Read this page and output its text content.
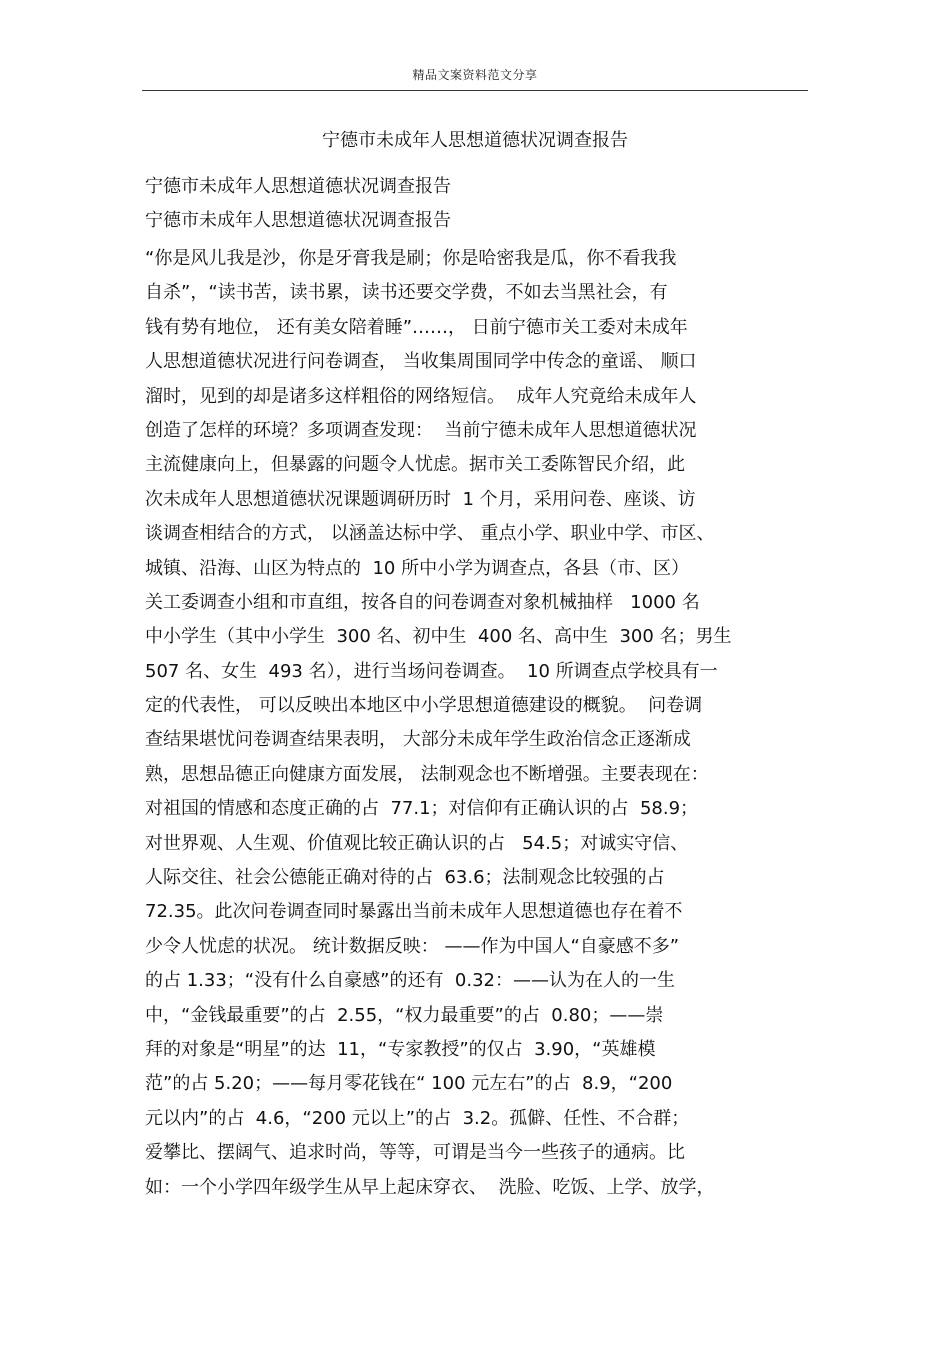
精品文案资料范文分享
宁德市未成年人思想道德状况调查报告

宁德市未成年人思想道德状况调查报告

宁德市未成年人思想道德状况调查报告

“你是风儿我是沙，你是牙膏我是刷；你是哈密我是瓜，你不看我我
自杀”，“读书苦，读书累，读书还要交学费，不如去当黑社会，有
钱有势有地位， 还有美女陪着睡”……， 日前宁德市关工委对未成年
人思想道德状况进行问卷调查， 当收集周围同学中传念的童谣、 顺口
溜时，见到的却是诸多这样粗俗的网络短信。  成年人究竟给未成年人
创造了怎样的环境？多项调查发现：  当前宁德未成年人思想道德状况
主流健康向上，但暴露的问题令人忧虑。据市关工委陈智民介绍，此
次未成年人思想道德状况课题调研历时  1 个月，采用问卷、座谈、访
谈调查相结合的方式， 以涵盖达标中学、 重点小学、职业中学、市区、
城镇、沿海、山区为特点的  10 所中小学为调查点，各县（市、区）
关工委调查小组和市直组，按各自的问卷调查对象机械抽样   1000 名
中小学生（其中小学生  300 名、初中生  400 名、高中生  300 名；男生
507 名、女生  493 名），进行当场问卷调查。  10 所调查点学校具有一
定的代表性， 可以反映出本地区中小学思想道德建设的概貌。  问卷调
查结果堪忧问卷调查结果表明， 大部分未成年学生政治信念正逐渐成
熟，思想品德正向健康方面发展， 法制观念也不断增强。主要表现在：
对祖国的情感和态度正确的占  77.1；对信仰有正确认识的占  58.9；
对世界观、人生观、价值观比较正确认识的占   54.5；对诚实守信、
人际交往、社会公德能正确对待的占  63.6；法制观念比较强的占
72.35。此次问卷调查同时暴露出当前未成年人思想道德也存在着不
少令人忧虑的状况。 统计数据反映： ——作为中国人“自豪感不多”
的占 1.33；“没有什么自豪感”的还有  0.32：——认为在人的一生
中，“金钱最重要”的占  2.55，“权力最重要”的占  0.80；——崇
拜的对象是“明星”的达  11，“专家教授”的仅占  3.90，“英雄模
范”的占 5.20；——每月零花钱在“ 100 元左右”的占  8.9，“200
元以内”的占  4.6，“200 元以上”的占  3.2。孤僻、任性、不合群；
爱攀比、摆阔气、追求时尚，等等，可谓是当今一些孩子的通病。比
如：一个小学四年级学生从早上起床穿衣、  洗脸、吃饭、上学、放学，
